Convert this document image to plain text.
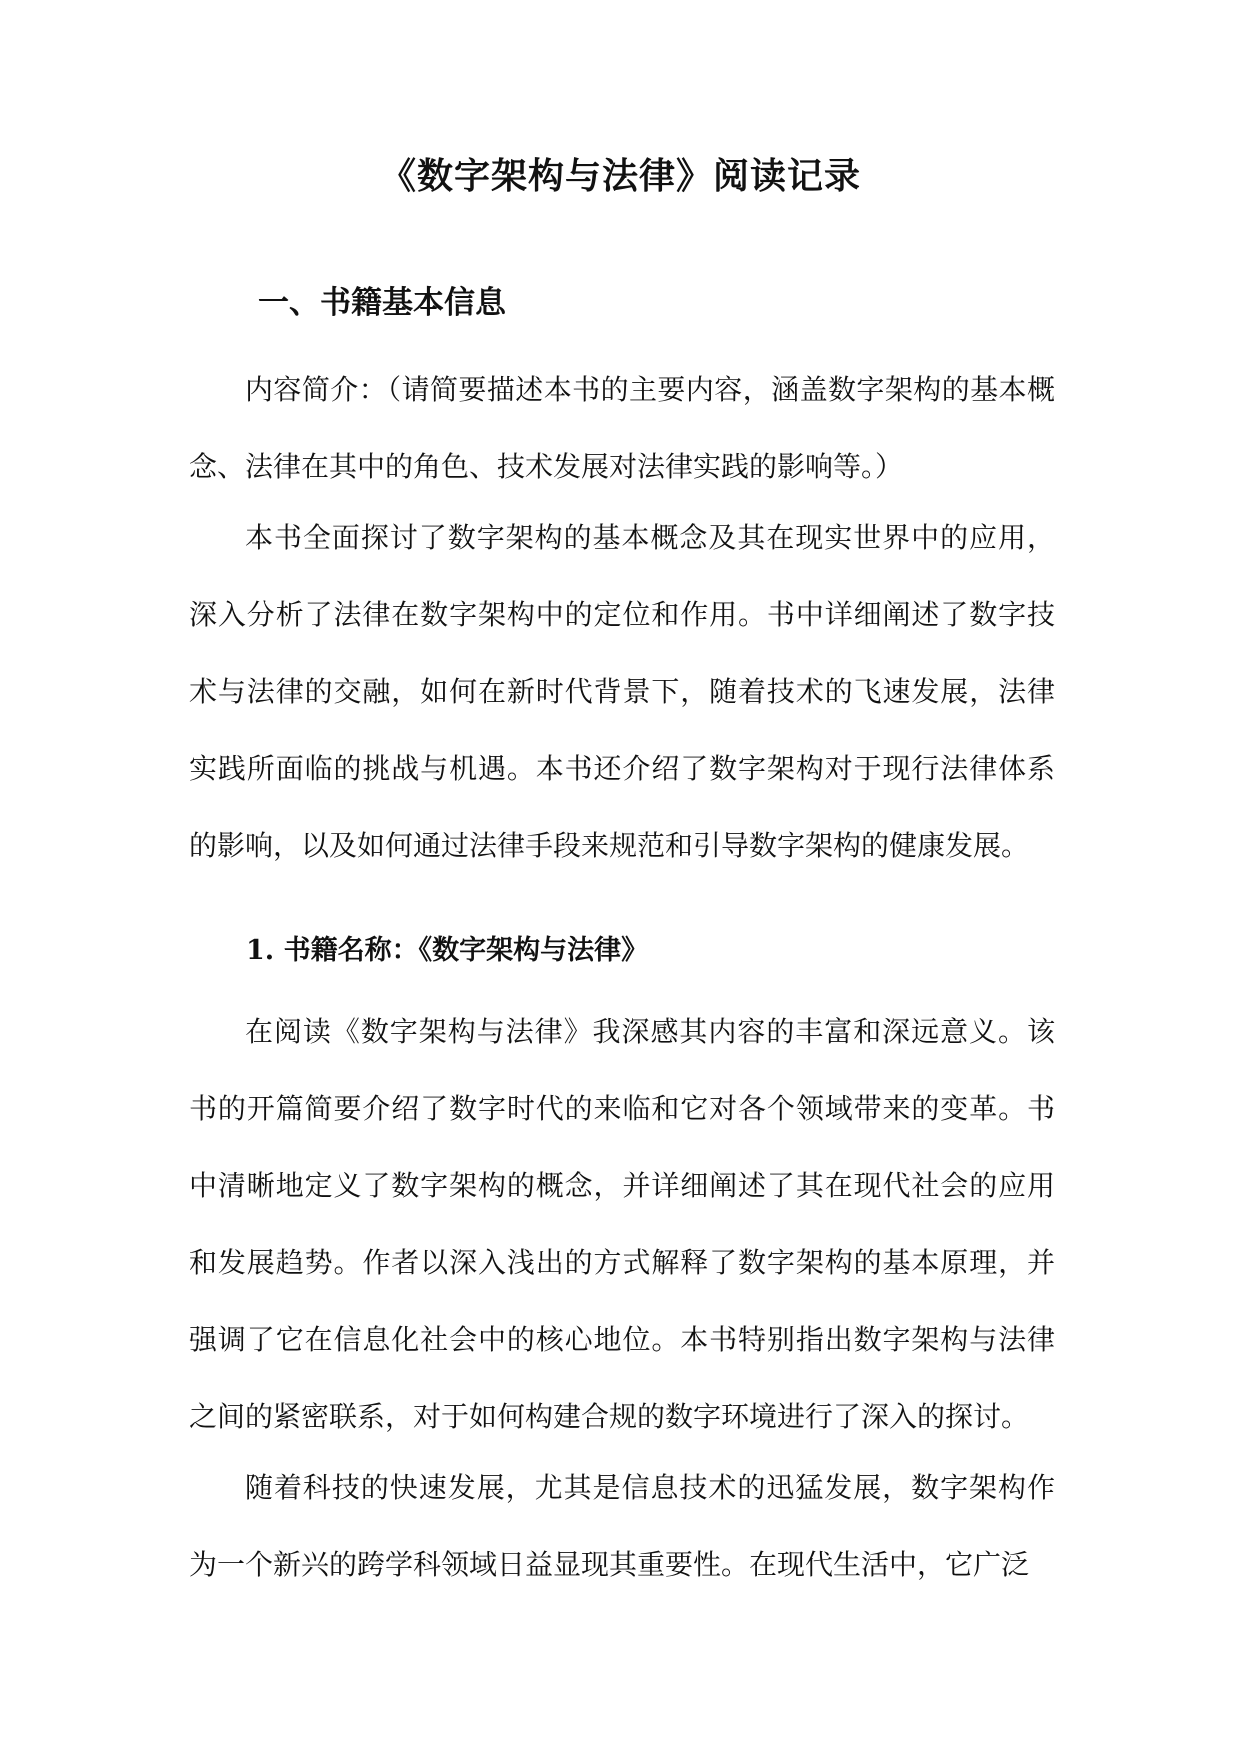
《数字架构与法律》阅读记录
一、书籍基本信息

内容简介：（请简要描述本书的主要内容，涵盖数字架构的基本概念、法律在其中的角色、技术发展对法律实践的影响等。）

本书全面探讨了数字架构的基本概念及其在现实世界中的应用，深入分析了法律在数字架构中的定位和作用。书中详细阐述了数字技术与法律的交融，如何在新时代背景下，随着技术的飞速发展，法律实践所面临的挑战与机遇。本书还介绍了数字架构对于现行法律体系的影响，以及如何通过法律手段来规范和引导数字架构的健康发展。

1. 书籍名称：《数字架构与法律》

在阅读《数字架构与法律》我深感其内容的丰富和深远意义。该书的开篇简要介绍了数字时代的来临和它对各个领域带来的变革。书中清晰地定义了数字架构的概念，并详细阐述了其在现代社会的应用和发展趋势。作者以深入浅出的方式解释了数字架构的基本原理，并强调了它在信息化社会中的核心地位。本书特别指出数字架构与法律之间的紧密联系，对于如何构建合规的数字环境进行了深入的探讨。

随着科技的快速发展，尤其是信息技术的迅猛发展，数字架构作为一个新兴的跨学科领域日益显现其重要性。在现代生活中，它广泛
